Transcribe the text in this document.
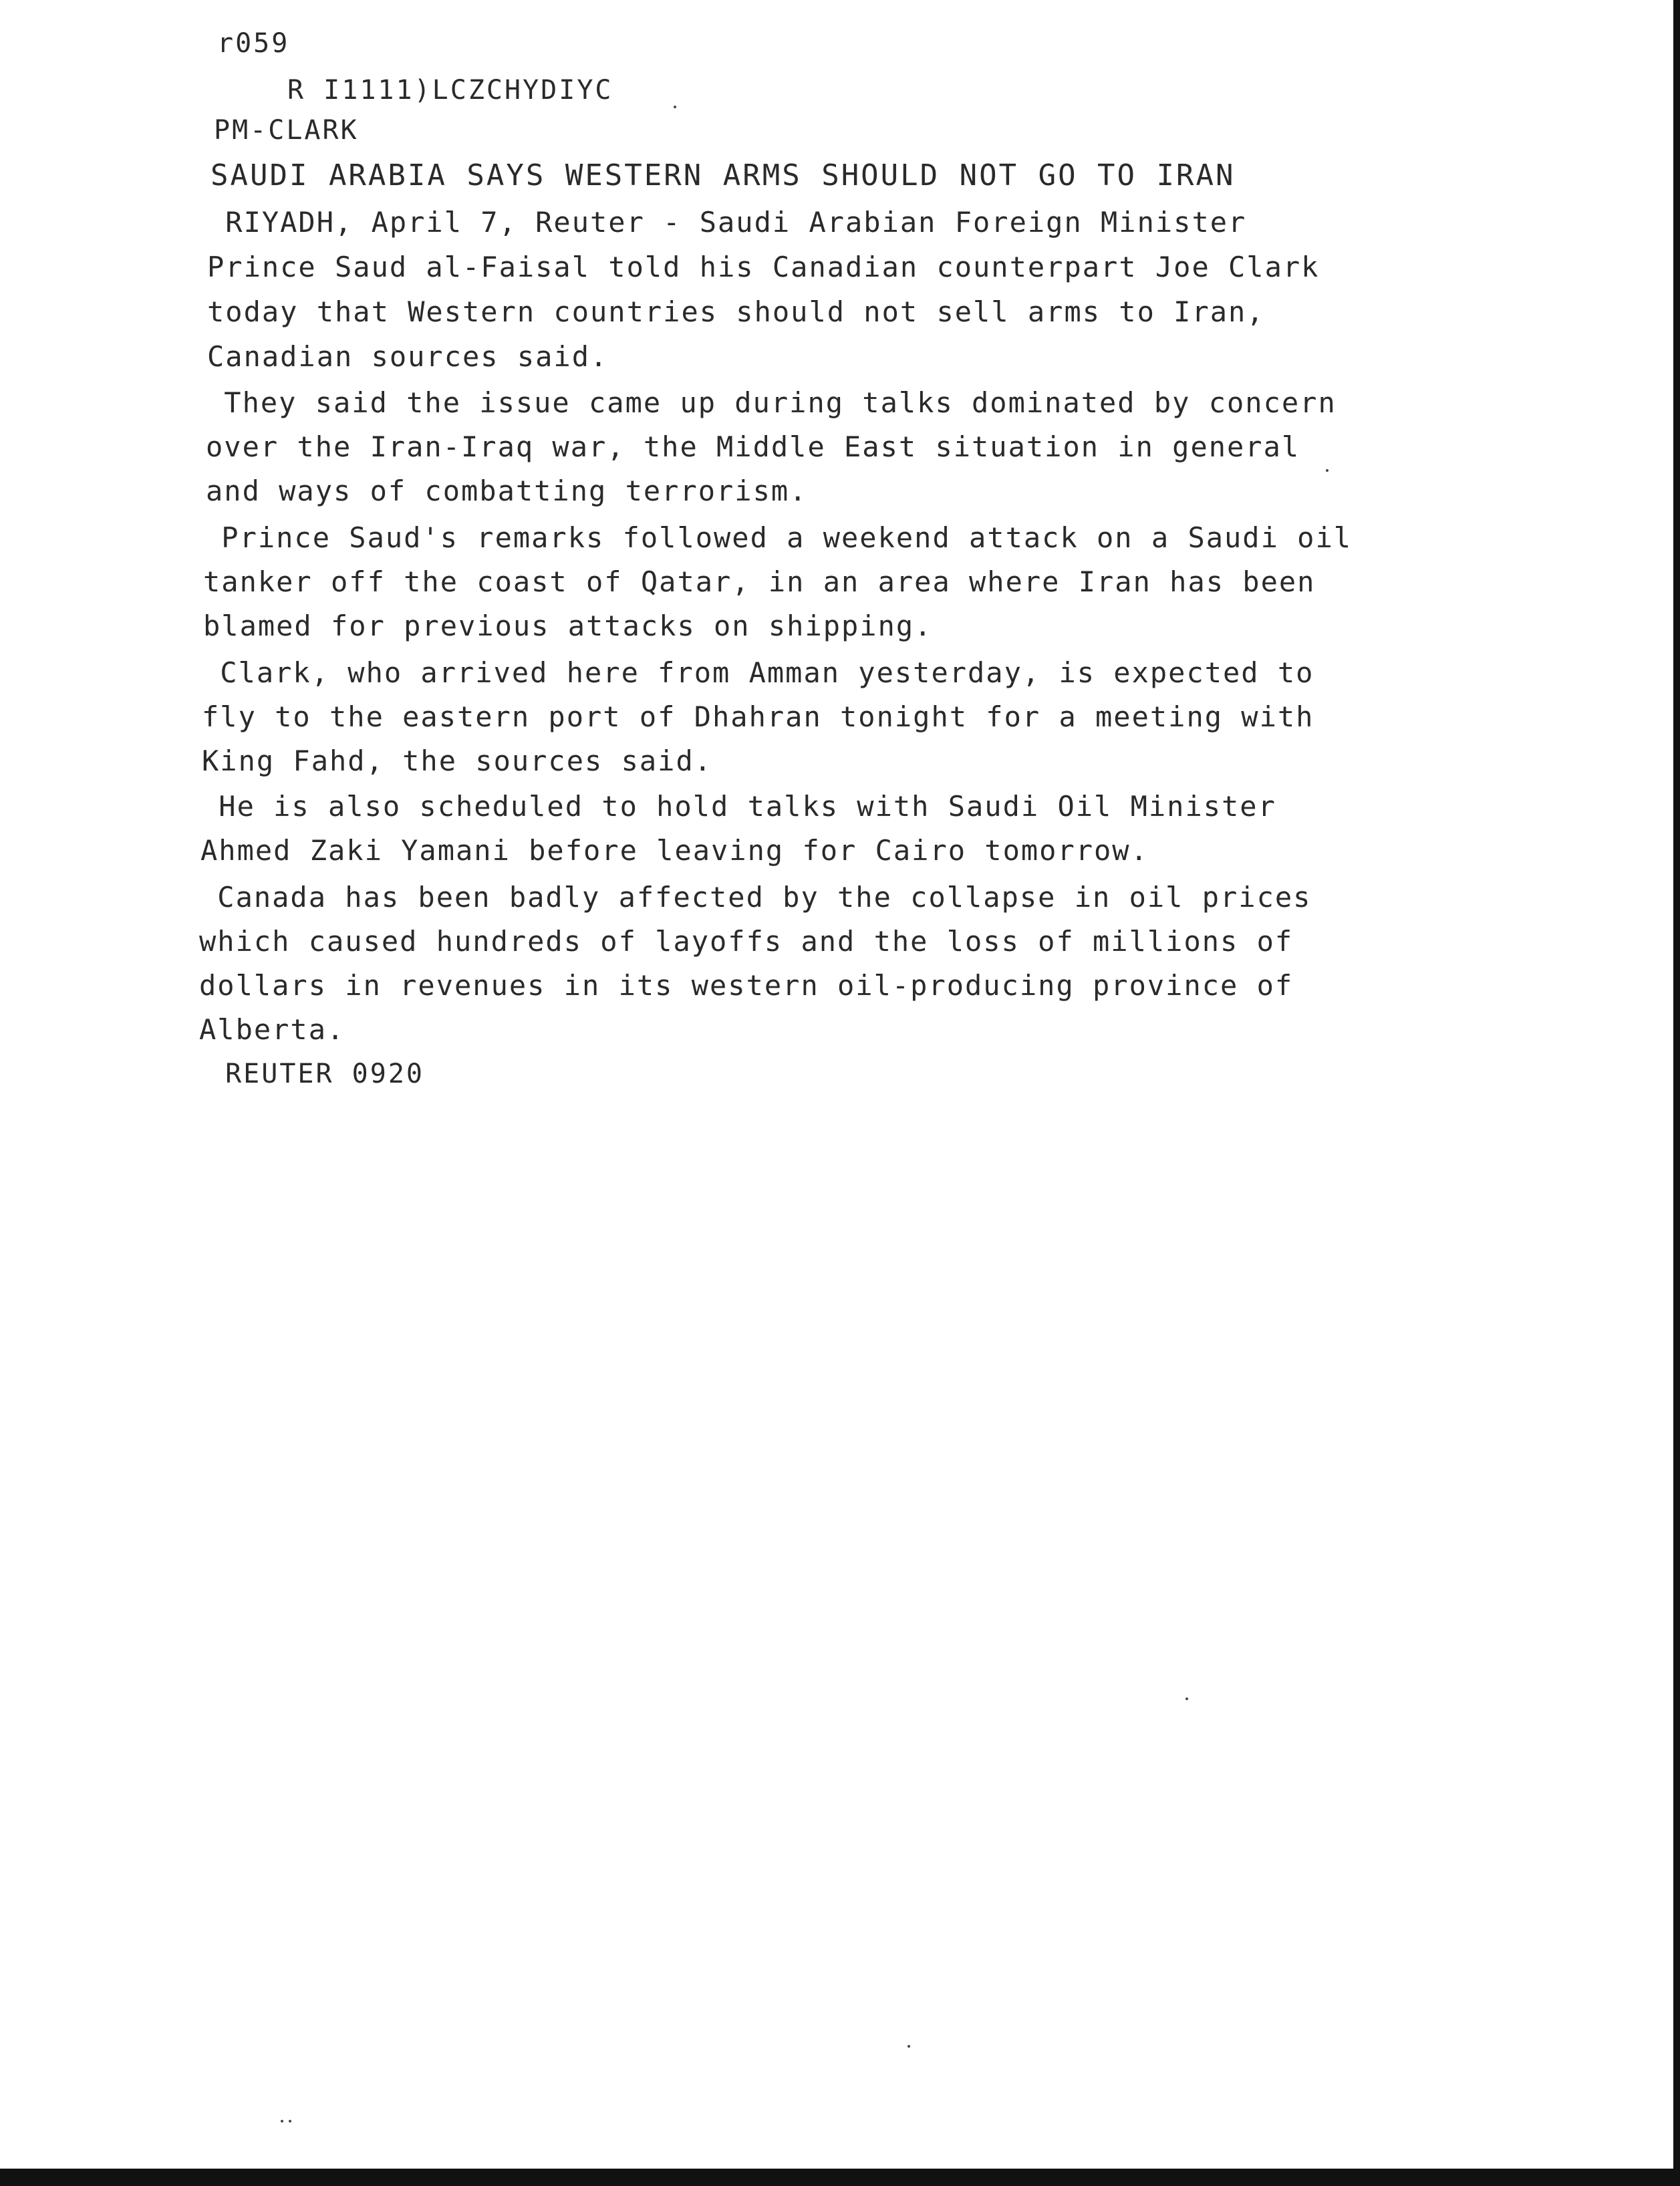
r059
R I1111)LCZCHYDIYC
PM-CLARK
SAUDI ARABIA SAYS WESTERN ARMS SHOULD NOT GO TO IRAN
RIYADH, April 7, Reuter - Saudi Arabian Foreign Minister
Prince Saud al-Faisal told his Canadian counterpart Joe Clark
today that Western countries should not sell arms to Iran,
Canadian sources said.
They said the issue came up during talks dominated by concern
over the Iran-Iraq war, the Middle East situation in general
and ways of combatting terrorism.
Prince Saud's remarks followed a weekend attack on a Saudi oil
tanker off the coast of Qatar, in an area where Iran has been
blamed for previous attacks on shipping.
Clark, who arrived here from Amman yesterday, is expected to
fly to the eastern port of Dhahran tonight for a meeting with
King Fahd, the sources said.
He is also scheduled to hold talks with Saudi Oil Minister
Ahmed Zaki Yamani before leaving for Cairo tomorrow.
Canada has been badly affected by the collapse in oil prices
which caused hundreds of layoffs and the loss of millions of
dollars in revenues in its western oil-producing province of
Alberta.
REUTER 0920
